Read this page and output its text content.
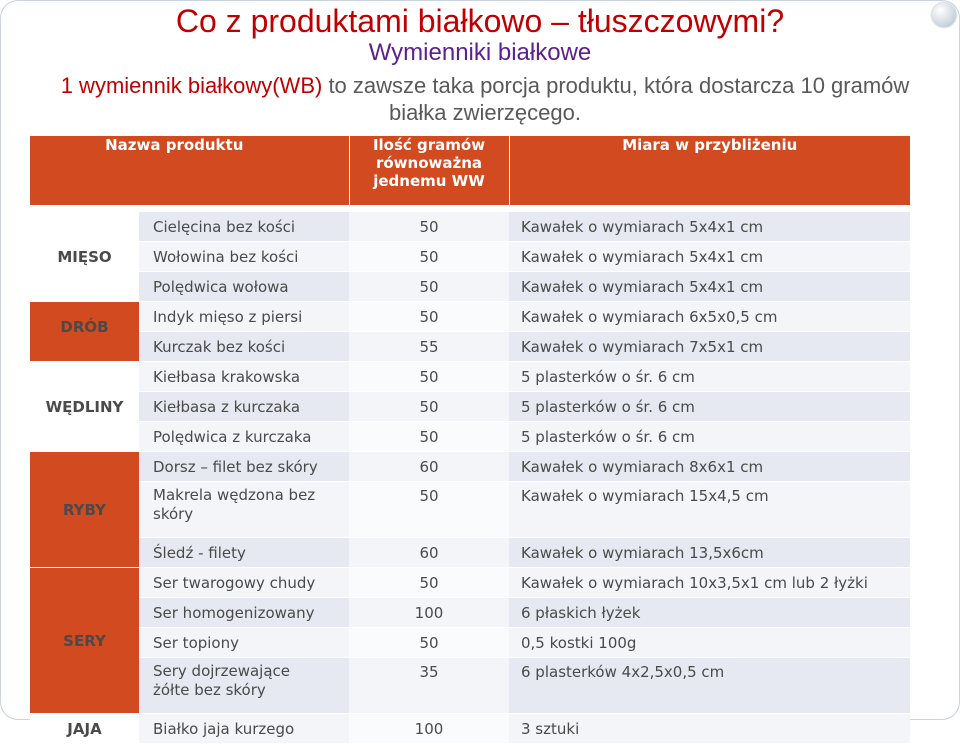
Co z produktami białkowo – tłuszczowymi?
Wymienniki białkowe
1 wymiennik białkowy(WB) to zawsze taka porcja produktu, która dostarcza 10 gramów białka zwierzęcego.
Nazwa produktu		Ilość gramów równoważna jednemu WW	Miara w przybliżeniu

MIĘSO	Cielęcina bez kości	50	Kawałek o wymiarach 5x4x1 cm
	Wołowina bez kości	50	Kawałek o wymiarach 5x4x1 cm
	Polędwica wołowa	50	Kawałek o wymiarach 5x4x1 cm
DRÓB	Indyk mięso z piersi	50	Kawałek o wymiarach 6x5x0,5 cm
	Kurczak bez kości	55	Kawałek o wymiarach 7x5x1 cm
WĘDLINY	Kiełbasa krakowska	50	5 plasterków o śr. 6 cm
	Kiełbasa z kurczaka	50	5 plasterków o śr. 6 cm
	Polędwica z kurczaka	50	5 plasterków o śr. 6 cm
RYBY	Dorsz – filet bez skóry	60	Kawałek o wymiarach 8x6x1 cm
	Makrela wędzona bez skóry	50	Kawałek o wymiarach 15x4,5 cm
	Śledź - filety	60	Kawałek o wymiarach 13,5x6cm
SERY	Ser twarogowy chudy	50	Kawałek o wymiarach 10x3,5x1 cm lub 2 łyżki
	Ser homogenizowany	100	6 płaskich łyżek
	Ser topiony	50	0,5 kostki 100g
	Sery dojrzewające żółte bez skóry	35	6 plasterków 4x2,5x0,5 cm
JAJA	Białko jaja kurzego	100	3 sztuki
